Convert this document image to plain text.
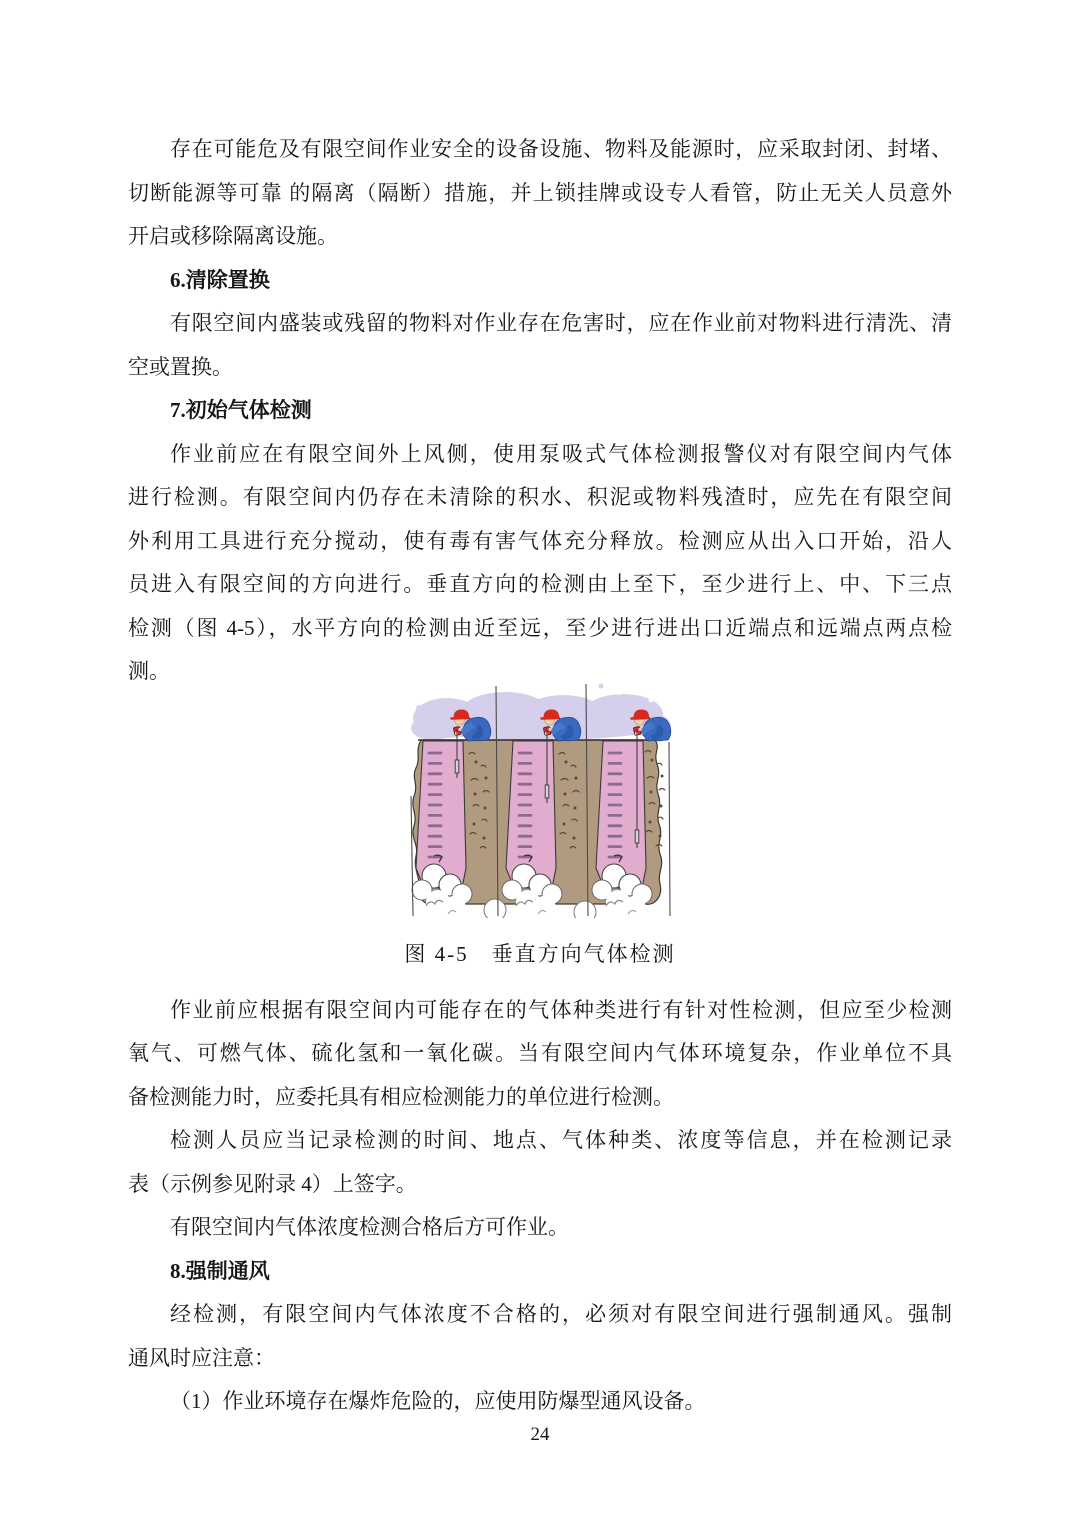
存在可能危及有限空间作业安全的设备设施、物料及能源时，应采取封闭、封堵、
切断能源等可靠 的隔离（隔断）措施，并上锁挂牌或设专人看管，防止无关人员意外
开启或移除隔离设施。

6.清除置换

有限空间内盛装或残留的物料对作业存在危害时，应在作业前对物料进行清洗、清
空或置换。

7.初始气体检测

作业前应在有限空间外上风侧，使用泵吸式气体检测报警仪对有限空间内气体
进行检测。有限空间内仍存在未清除的积水、积泥或物料残渣时，应先在有限空间
外利用工具进行充分搅动，使有毒有害气体充分释放。检测应从出入口开始，沿人
员进入有限空间的方向进行。垂直方向的检测由上至下，至少进行上、中、下三点
检测（图 4-5），水平方向的检测由近至远，至少进行进出口近端点和远端点两点检
测。
图 4-5　垂直方向气体检测
作业前应根据有限空间内可能存在的气体种类进行有针对性检测，但应至少检测
氧气、可燃气体、硫化氢和一氧化碳。当有限空间内气体环境复杂，作业单位不具
备检测能力时，应委托具有相应检测能力的单位进行检测。
检测人员应当记录检测的时间、地点、气体种类、浓度等信息，并在检测记录
表（示例参见附录 4）上签字。
有限空间内气体浓度检测合格后方可作业。

8.强制通风

经检测，有限空间内气体浓度不合格的，必须对有限空间进行强制通风。强制
通风时应注意：
（1）作业环境存在爆炸危险的，应使用防爆型通风设备。
24
